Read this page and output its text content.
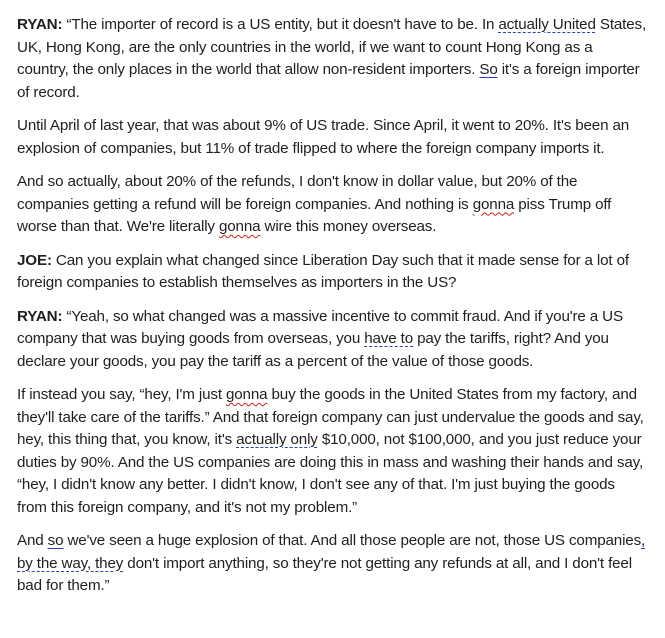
RYAN: “The importer of record is a US entity, but it doesn't have to be. In actually United States, UK, Hong Kong, are the only countries in the world, if we want to count Hong Kong as a country, the only places in the world that allow non-resident importers. So it's a foreign importer of record.

Until April of last year, that was about 9% of US trade. Since April, it went to 20%. It's been an explosion of companies, but 11% of trade flipped to where the foreign company imports it.

And so actually, about 20% of the refunds, I don't know in dollar value, but 20% of the companies getting a refund will be foreign companies. And nothing is gonna piss Trump off worse than that. We're literally gonna wire this money overseas.

JOE: Can you explain what changed since Liberation Day such that it made sense for a lot of foreign companies to establish themselves as importers in the US?

RYAN: “Yeah, so what changed was a massive incentive to commit fraud. And if you're a US company that was buying goods from overseas, you have to pay the tariffs, right? And you declare your goods, you pay the tariff as a percent of the value of those goods.

If instead you say, “hey, I'm just gonna buy the goods in the United States from my factory, and they'll take care of the tariffs.” And that foreign company can just undervalue the goods and say, hey, this thing that, you know, it's actually only $10,000, not $100,000, and you just reduce your duties by 90%. And the US companies are doing this in mass and washing their hands and say, “hey, I didn't know any better. I didn't know, I don't see any of that. I'm just buying the goods from this foreign company, and it's not my problem.”

And so we've seen a huge explosion of that. And all those people are not, those US companies, by the way, they don't import anything, so they're not getting any refunds at all, and I don't feel bad for them.”
